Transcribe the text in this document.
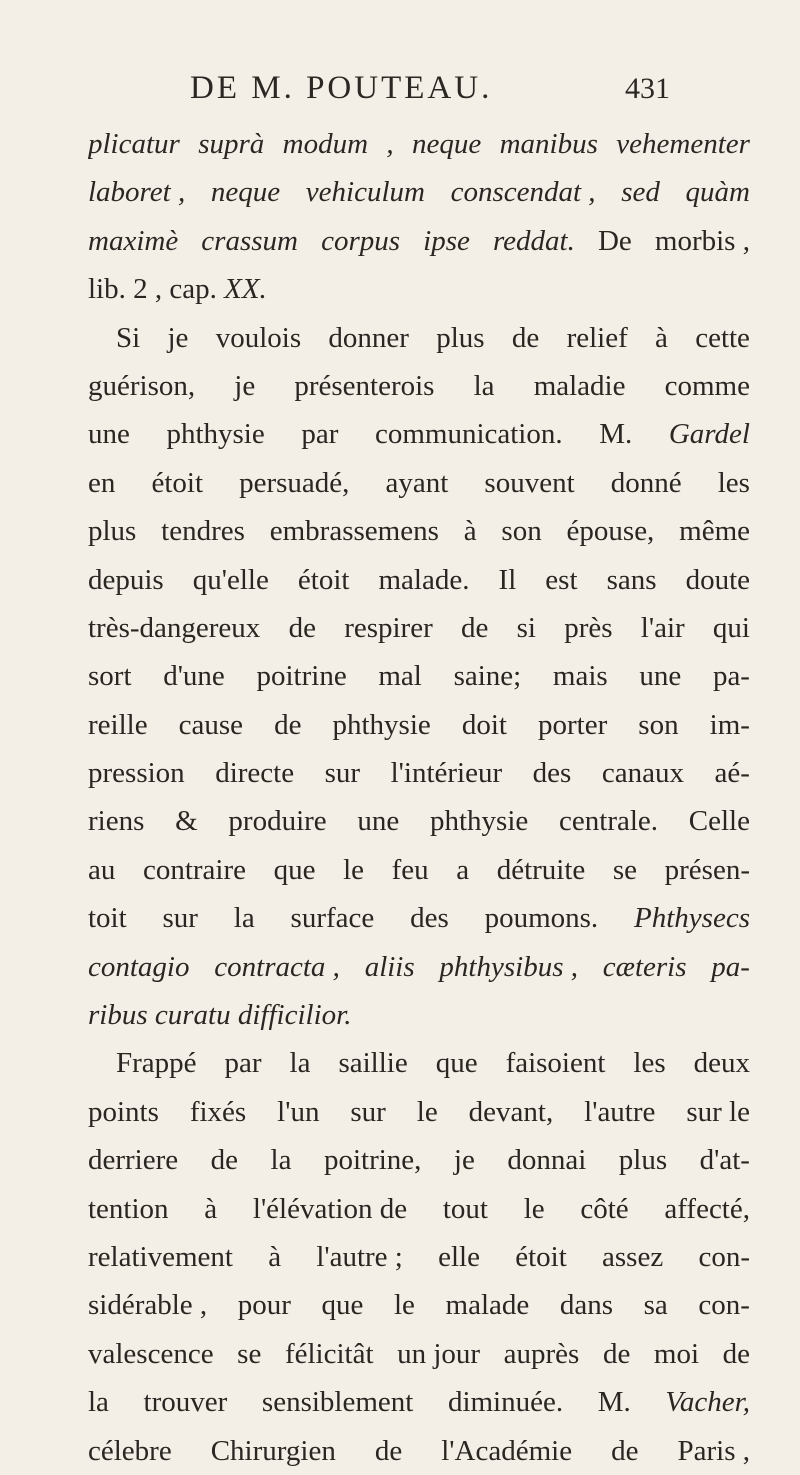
DE M. POUTEAU.	431
plicatur suprà modum , neque manibus vehementer
laboret , neque vehiculum conscendat , sed quàm
maximè crassum corpus ipse reddat. De morbis ,
lib.
2 ,
cap.
XX.
Si je voulois donner plus de relief à cette
guérison, je présenterois la maladie comme
une phthysie par communication. M. Gardel
en étoit persuadé, ayant souvent donné les
plus tendres embrassemens à son épouse, même
depuis qu'elle étoit malade. Il est sans doute
très-dangereux de respirer de si près l'air qui
sort d'une poitrine mal saine; mais une pa-
reille cause de phthysie doit porter son im-
pression directe sur l'intérieur des canaux aé-
riens & produire une phthysie centrale. Celle
au contraire que le feu a détruite se présen-
toit sur la surface des poumons. Phthysecs
contagio contracta , aliis phthysibus , cæteris pa-
ribus
curatu
difficilior.
Frappé par la saillie que faisoient les deux
points fixés l'un sur le devant, l'autre sur le
derriere de la poitrine, je donnai plus d'at-
tention à l'élévation de tout le côté affecté,
relativement à l'autre ; elle étoit assez con-
sidérable , pour que le malade dans sa con-
valescence se félicitât un jour auprès de moi de
la trouver sensiblement diminuée. M. Vacher,
célebre Chirurgien de l'Académie de Paris ,
